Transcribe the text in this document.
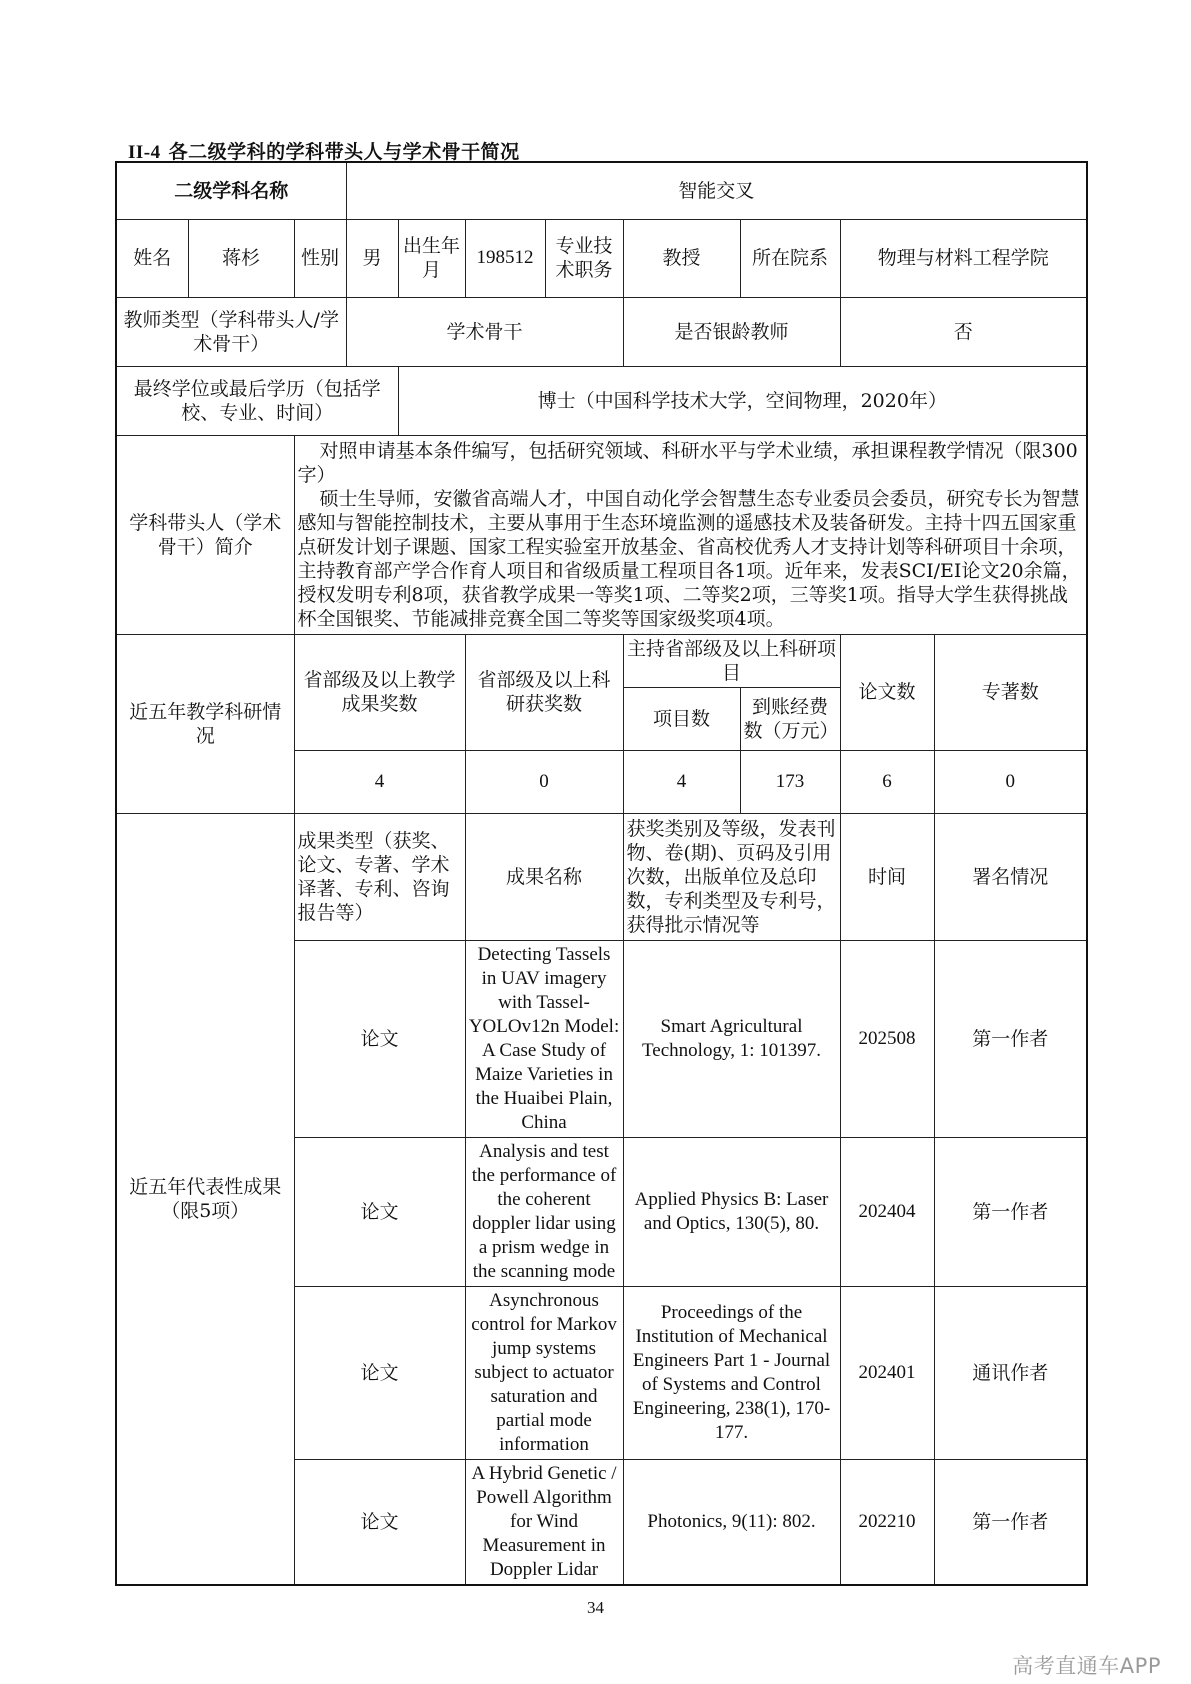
II-4 各二级学科的学科带头人与学术骨干简况
二级学科名称			智能交叉							
姓名	蒋杉	性别	男	出生年月	198512	专业技术职务	教授	所在院系	物理与材料工程学院	
教师类型（学科带头人/学术骨干）			学术骨干				是否银龄教师		否	
最终学位或最后学历（包括学校、专业、时间）				博士（中国科学技术大学，空间物理，2020年）						
学科带头人（学术骨干）简介		对照申请基本条件编写，包括研究领域、科研水平与学术业绩，承担课程教学情况（限300字）
硕士生导师，安徽省高端人才，中国自动化学会智慧生态专业委员会委员，研究专长为智慧感知与智能控制技术，主要从事用于生态环境监测的遥感技术及装备研发。主持十四五国家重点研发计划子课题、国家工程实验室开放基金、省高校优秀人才支持计划等科研项目十余项，主持教育部产学合作育人项目和省级质量工程项目各1项。近年来，发表SCI/EI论文20余篇，授权发明专利8项，获省教学成果一等奖1项、二等奖2项，三等奖1项。指导大学生获得挑战杯全国银奖、节能减排竞赛全国二等奖等国家级奖项4项。								

近五年教学科研情况		省部级及以上教学成果奖数			省部级及以上科研获奖数		主持省部级及以上科研项目		论文数	专著数
							项目数	到账经费数（万元）		
		4			0		4	173	6	0
近五年代表性成果（限5项）		成果类型（获奖、论文、专著、学术译著、专利、咨询报告等）			成果名称		获奖类别及等级，发表刊物、卷(期)、页码及引用次数，出版单位及总印数，专利类型及专利号，获得批示情况等		时间	署名情况
		论文			Detecting Tassels in UAV imagery with Tassel-YOLOv12n Model: A Case Study of Maize Varieties in the Huaibei Plain, China		Smart Agricultural Technology, 1: 101397.		202508	第一作者
		论文			Analysis and test the performance of the coherent doppler lidar using a prism wedge in the scanning mode		Applied Physics B: Laser and Optics, 130(5), 80.		202404	第一作者
		论文			Asynchronous control for Markov jump systems subject to actuator saturation and partial mode information		Proceedings of the Institution of Mechanical Engineers Part 1 - Journal of Systems and Control Engineering, 238(1), 170-177.		202401	通讯作者
		论文			A Hybrid Genetic / Powell Algorithm for Wind Measurement in Doppler Lidar		Photonics, 9(11): 802.		202210	第一作者
34
高考直通车APP
